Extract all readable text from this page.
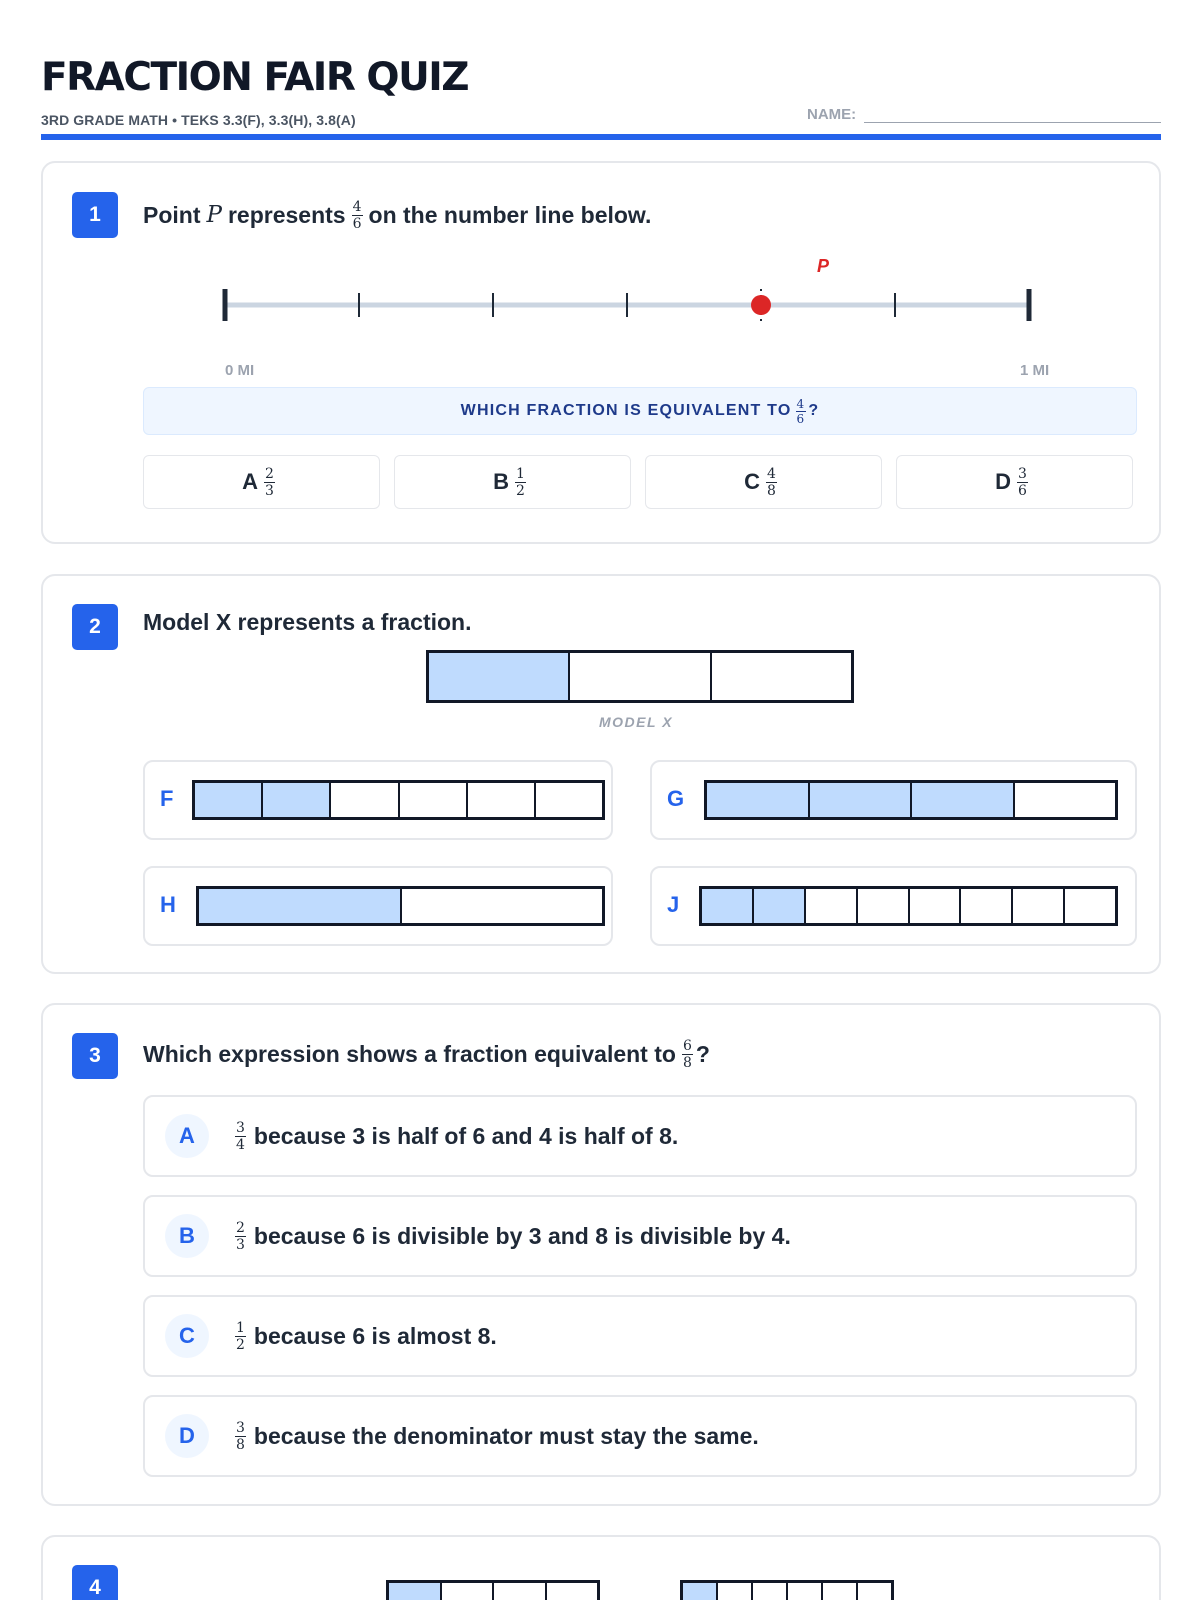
FRACTION FAIR QUIZ
3RD GRADE MATH • TEKS 3.3(F), 3.3(H), 3.8(A)	NAME:
1	Point P represents $\frac{4}{6}$ on the number line below.
P
0 MI	1 MI
WHICH FRACTION IS EQUIVALENT TO $\frac{4}{6}$ ?
A $\frac{2}{3}$	B $\frac{1}{2}$	C $\frac{4}{8}$	D $\frac{3}{6}$
2	Model X represents a fraction.
MODEL X
F	G
H	J
3	Which expression shows a fraction equivalent to $\frac{6}{8}$ ?
A	$\frac{3}{4}$ because 3 is half of 6 and 4 is half of 8.
B	$\frac{2}{3}$ because 6 is divisible by 3 and 8 is divisible by 4.
C	$\frac{1}{2}$ because 6 is almost 8.
D	$\frac{3}{8}$ because the denominator must stay the same.
4
